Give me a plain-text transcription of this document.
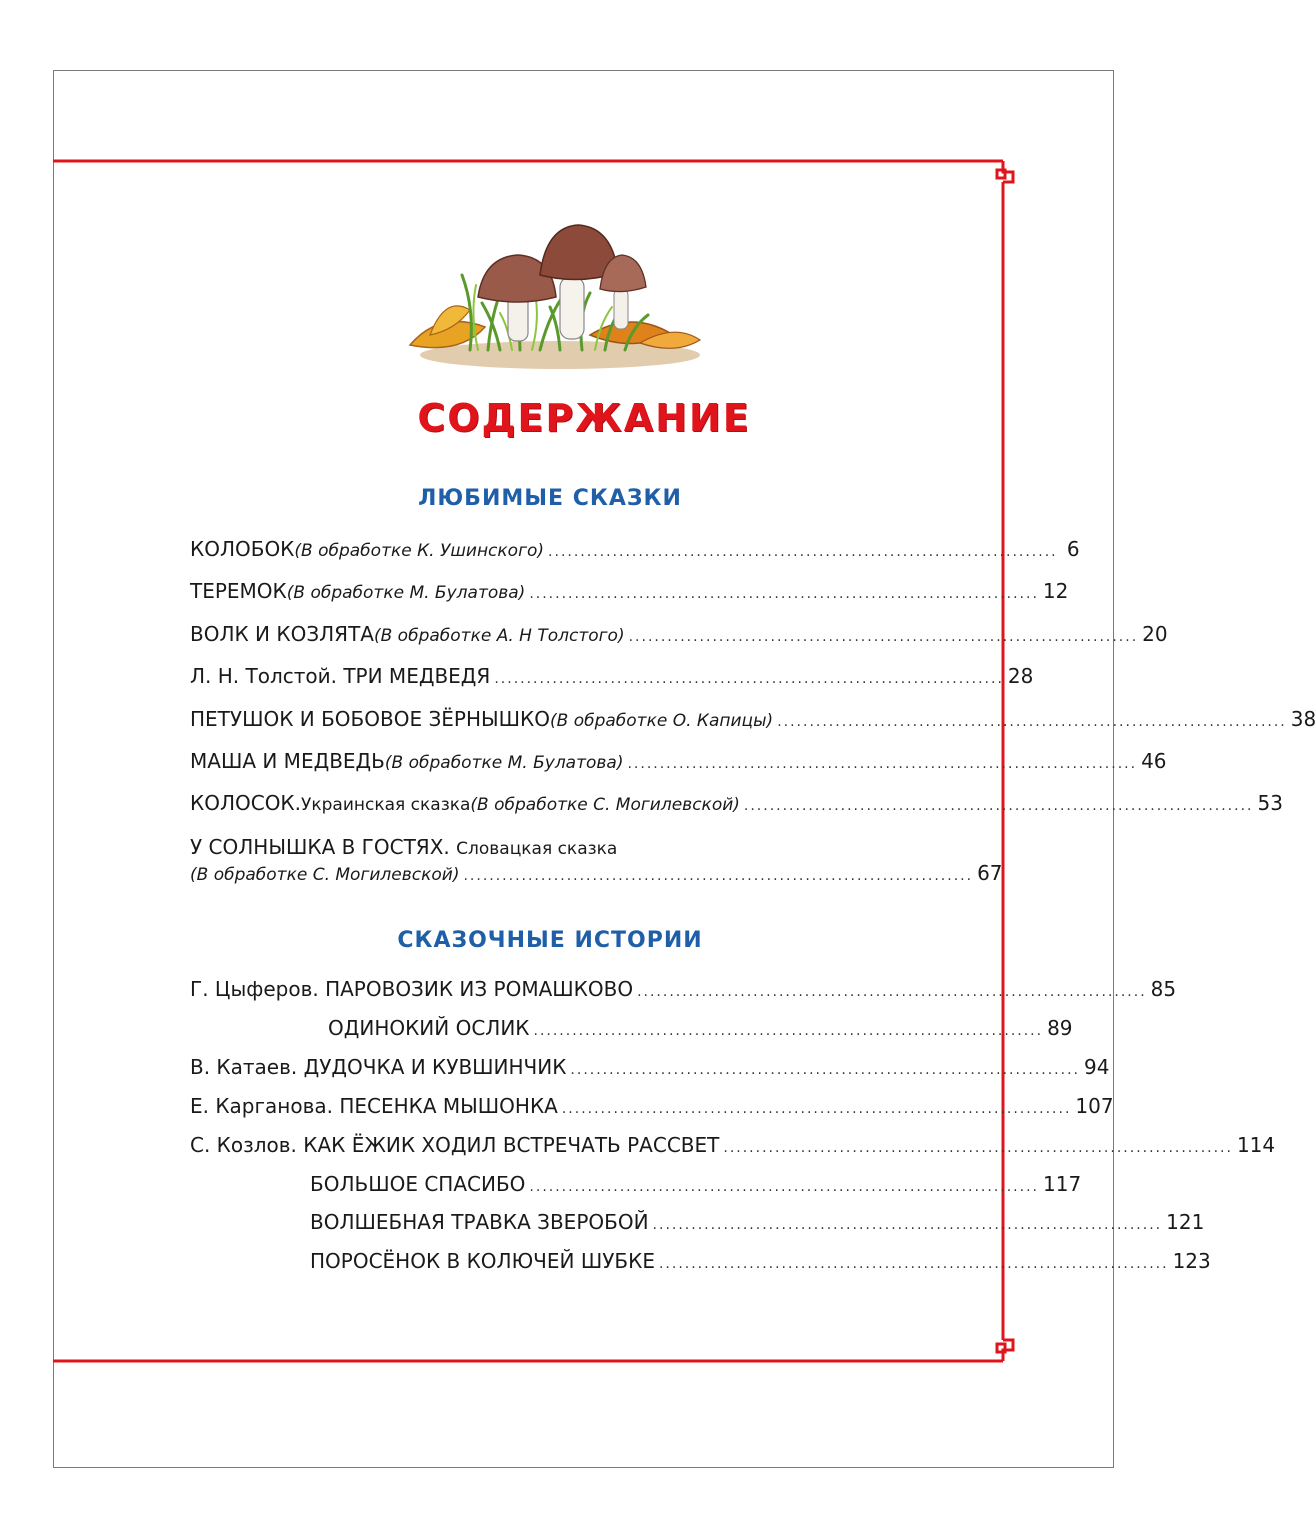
СОДЕРЖАНИЕ
ЛЮБИМЫЕ СКАЗКИ
КОЛОБОК (В обработке К. Ушинского) ............................................................................... 6
ТЕРЕМОК (В обработке М. Булатова) ............................................................................... 12
ВОЛК И КОЗЛЯТА (В обработке А. Н Толстого) ............................................................................... 20
Л. Н. Толстой. ТРИ МЕДВЕДЯ ............................................................................... 28
ПЕТУШОК И БОБОВОЕ ЗЁРНЫШКО (В обработке О. Капицы) ............................................................................... 38
МАША И МЕДВЕДЬ (В обработке М. Булатова) ............................................................................... 46
КОЛОСОК. Украинская сказка (В обработке С. Могилевской) ............................................................................... 53
У СОЛНЫШКА В ГОСТЯХ. Словацкая сказка
(В обработке С. Могилевской) ............................................................................... 67
СКАЗОЧНЫЕ ИСТОРИИ
Г. Цыферов. ПАРОВОЗИК ИЗ РОМАШКОВО ............................................................................... 85
ОДИНОКИЙ ОСЛИК ............................................................................... 89
В. Катаев. ДУДОЧКА И КУВШИНЧИК ............................................................................... 94
Е. Карганова. ПЕСЕНКА МЫШОНКА ............................................................................... 107
С. Козлов. КАК ЁЖИК ХОДИЛ ВСТРЕЧАТЬ РАССВЕТ ............................................................................... 114
БОЛЬШОЕ СПАСИБО ............................................................................... 117
ВОЛШЕБНАЯ ТРАВКА ЗВЕРОБОЙ ............................................................................... 121
ПОРОСЁНОК В КОЛЮЧЕЙ ШУБКЕ ............................................................................... 123
